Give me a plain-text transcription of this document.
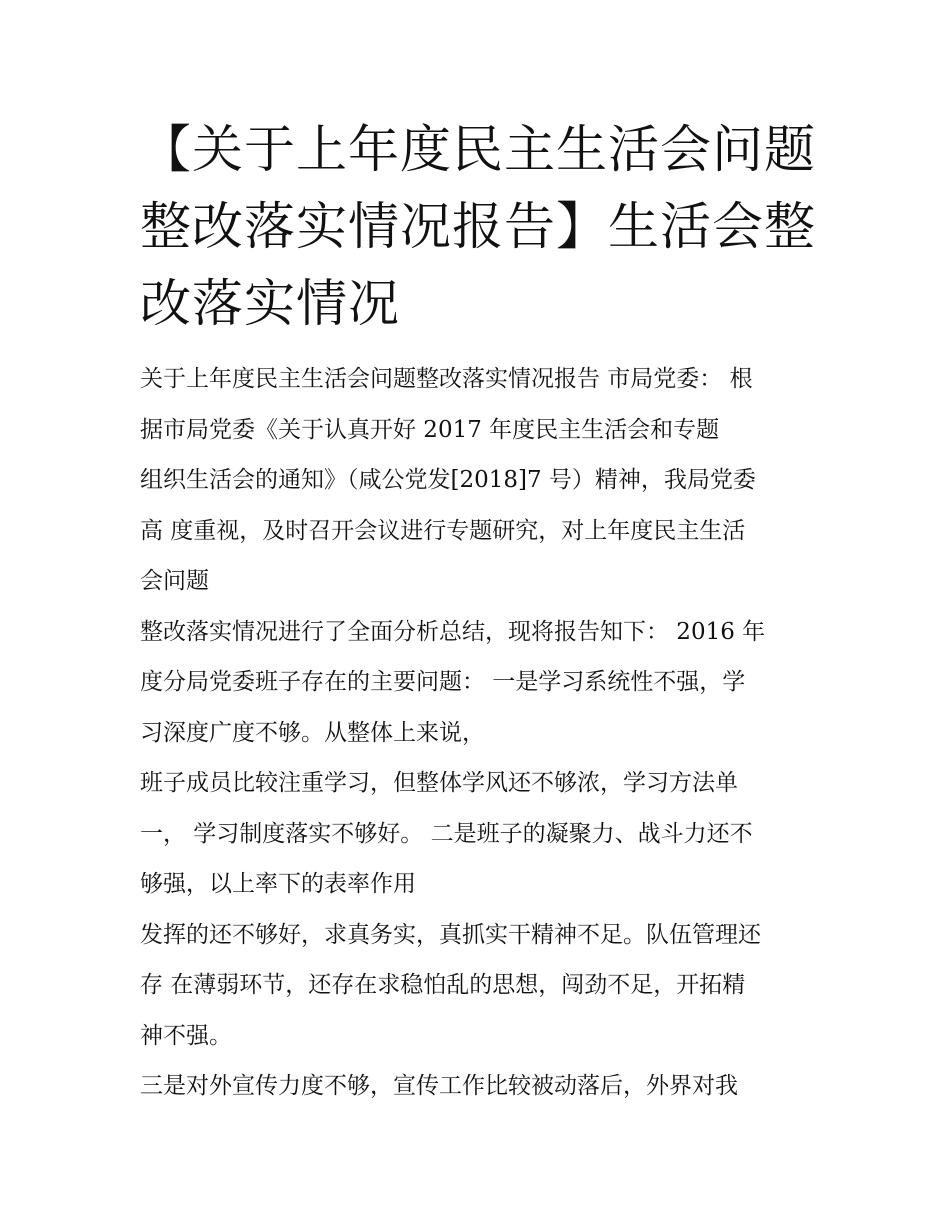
【关于上年度民主生活会问题
整改落实情况报告】生活会整
改落实情况
关于上年度民主生活会问题整改落实情况报告 市局党委： 根
据市局党委《关于认真开好 2017 年度民主生活会和专题
组织生活会的通知》（咸公党发[2018]7 号）精神，我局党委
高 度重视，及时召开会议进行专题研究，对上年度民主生活
会问题
整改落实情况进行了全面分析总结，现将报告知下： 2016 年
度分局党委班子存在的主要问题： 一是学习系统性不强，学
习深度广度不够。从整体上来说，
班子成员比较注重学习，但整体学风还不够浓，学习方法单
一， 学习制度落实不够好。 二是班子的凝聚力、战斗力还不
够强，以上率下的表率作用
发挥的还不够好，求真务实，真抓实干精神不足。队伍管理还
存 在薄弱环节，还存在求稳怕乱的思想，闯劲不足，开拓精
神不强。
三是对外宣传力度不够，宣传工作比较被动落后，外界对我
